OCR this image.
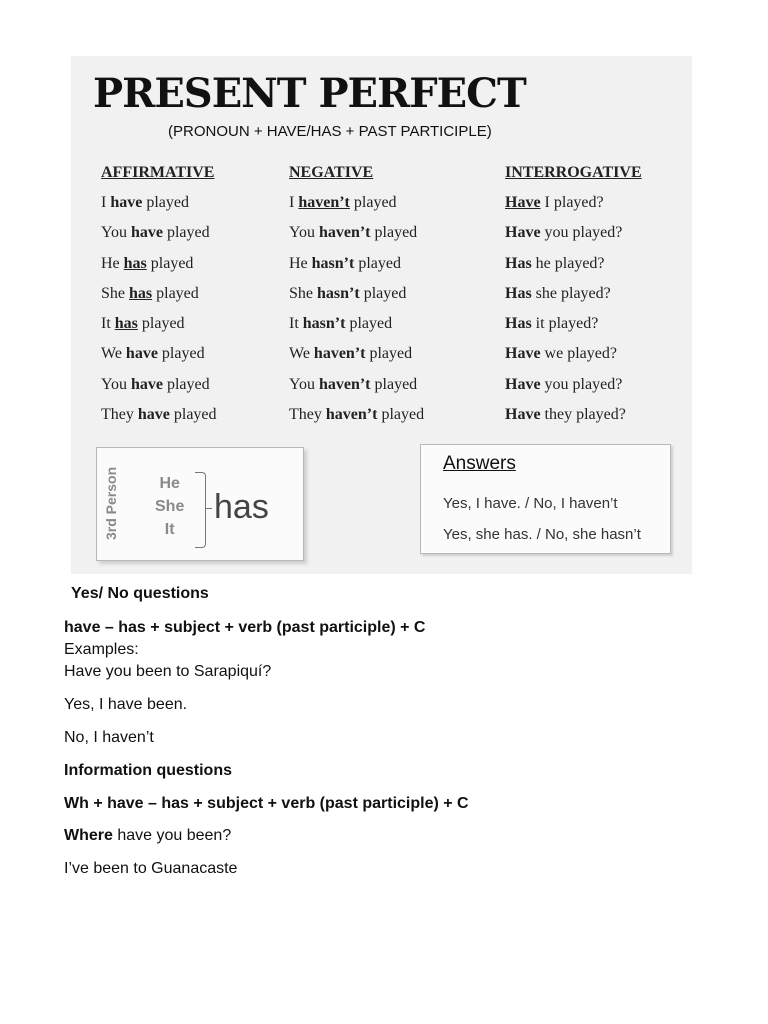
PRESENT PERFECT
(PRONOUN + HAVE/HAS + PAST PARTICIPLE)
AFFIRMATIVE
I have played
You have played
He has played
She has played
It has played
We have played
You have played
They have played
NEGATIVE
I haven’t played
You haven’t played
He hasn’t played
She hasn’t played
It hasn’t played
We haven’t played
You haven’t played
They haven’t played
INTERROGATIVE
Have I played?
Have you played?
Has he played?
Has she played?
Has it played?
Have we played?
Have you played?
Have they played?
3rd Person	He
She
It
has
Answers
Yes, I have. / No, I haven’t
Yes, she has. / No, she hasn’t
Yes/ No questions
have – has + subject + verb (past participle) + C
Examples:
Have you been to Sarapiquí?
Yes, I have been.
No, I haven’t
Information questions
Wh + have – has + subject + verb (past participle) + C
Where have you been?
I’ve been to Guanacaste
